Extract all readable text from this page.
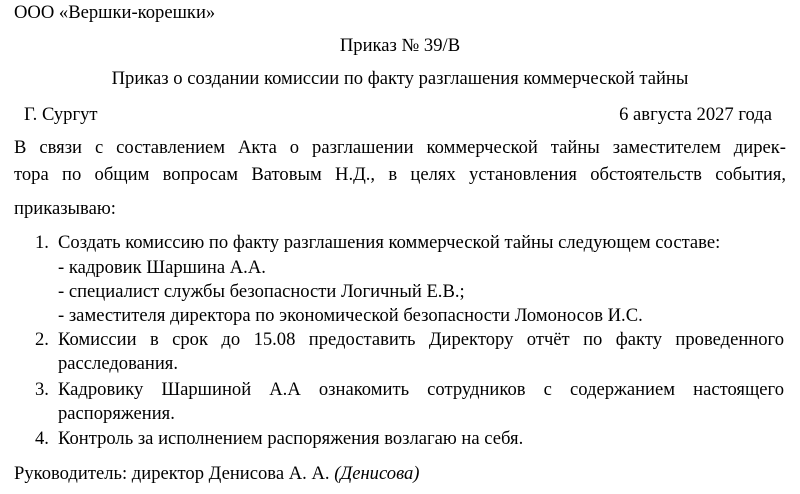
ООО «Вершки-корешки»
Приказ № 39/В
Приказ о создании комиссии по факту разглашения коммерческой тайны
Г. Сургут	6 августа 2027 года
В связи с составлением Акта о разглашении коммерческой тайны заместителем дирек-
тора по общим вопросам Ватовым Н.Д., в целях установления обстоятельств события,
приказываю:
1. Создать комиссию по факту разглашения коммерческой тайны следующем составе:
- кадровик Шаршина А.А.
- специалист службы безопасности Логичный Е.В.;
- заместителя директора по экономической безопасности Ломоносов И.С.
2. Комиссии в срок до 15.08 предоставить Директору отчёт по факту проведенного
расследования.
3. Кадровику Шаршиной А.А ознакомить сотрудников с содержанием настоящего
распоряжения.
4. Контроль за исполнением распоряжения возлагаю на себя.
Руководитель: директор Денисова А. А. (Денисова)
